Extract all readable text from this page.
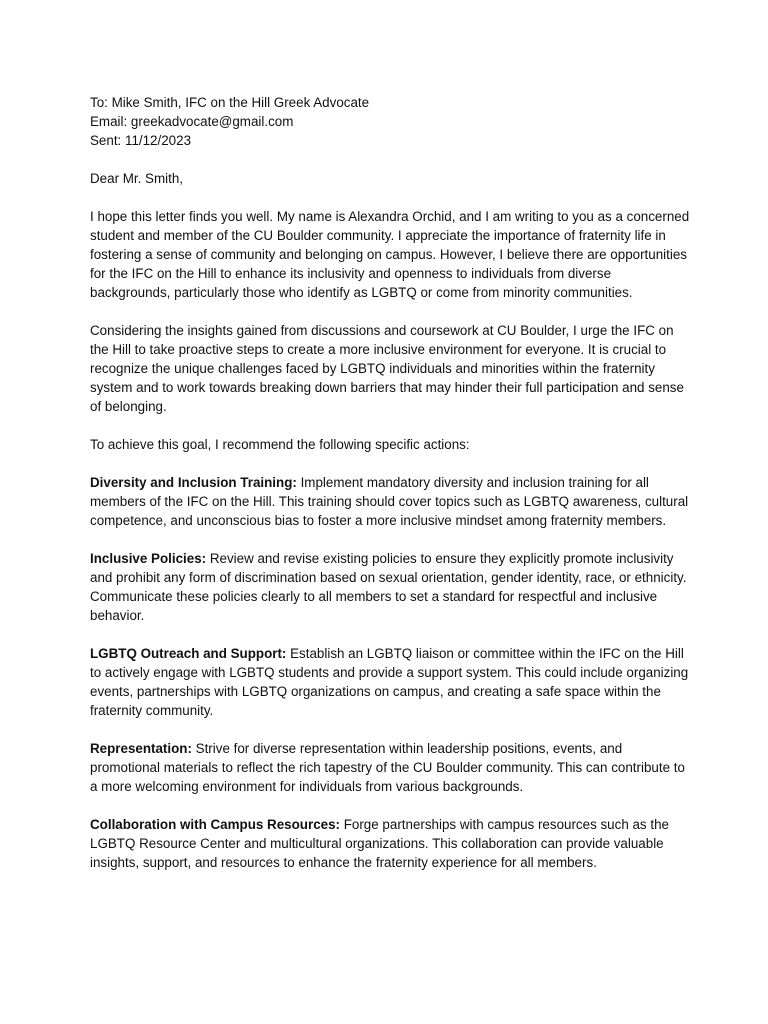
To: Mike Smith, IFC on the Hill Greek Advocate
Email: greekadvocate@gmail.com
Sent: 11/12/2023

Dear Mr. Smith,

I hope this letter finds you well. My name is Alexandra Orchid, and I am writing to you as a concerned student and member of the CU Boulder community. I appreciate the importance of fraternity life in fostering a sense of community and belonging on campus. However, I believe there are opportunities for the IFC on the Hill to enhance its inclusivity and openness to individuals from diverse backgrounds, particularly those who identify as LGBTQ or come from minority communities.

Considering the insights gained from discussions and coursework at CU Boulder, I urge the IFC on the Hill to take proactive steps to create a more inclusive environment for everyone. It is crucial to recognize the unique challenges faced by LGBTQ individuals and minorities within the fraternity system and to work towards breaking down barriers that may hinder their full participation and sense of belonging.

To achieve this goal, I recommend the following specific actions:

Diversity and Inclusion Training: Implement mandatory diversity and inclusion training for all members of the IFC on the Hill. This training should cover topics such as LGBTQ awareness, cultural competence, and unconscious bias to foster a more inclusive mindset among fraternity members.

Inclusive Policies: Review and revise existing policies to ensure they explicitly promote inclusivity and prohibit any form of discrimination based on sexual orientation, gender identity, race, or ethnicity. Communicate these policies clearly to all members to set a standard for respectful and inclusive behavior.

LGBTQ Outreach and Support: Establish an LGBTQ liaison or committee within the IFC on the Hill to actively engage with LGBTQ students and provide a support system. This could include organizing events, partnerships with LGBTQ organizations on campus, and creating a safe space within the fraternity community.

Representation: Strive for diverse representation within leadership positions, events, and promotional materials to reflect the rich tapestry of the CU Boulder community. This can contribute to a more welcoming environment for individuals from various backgrounds.

Collaboration with Campus Resources: Forge partnerships with campus resources such as the LGBTQ Resource Center and multicultural organizations. This collaboration can provide valuable insights, support, and resources to enhance the fraternity experience for all members.
